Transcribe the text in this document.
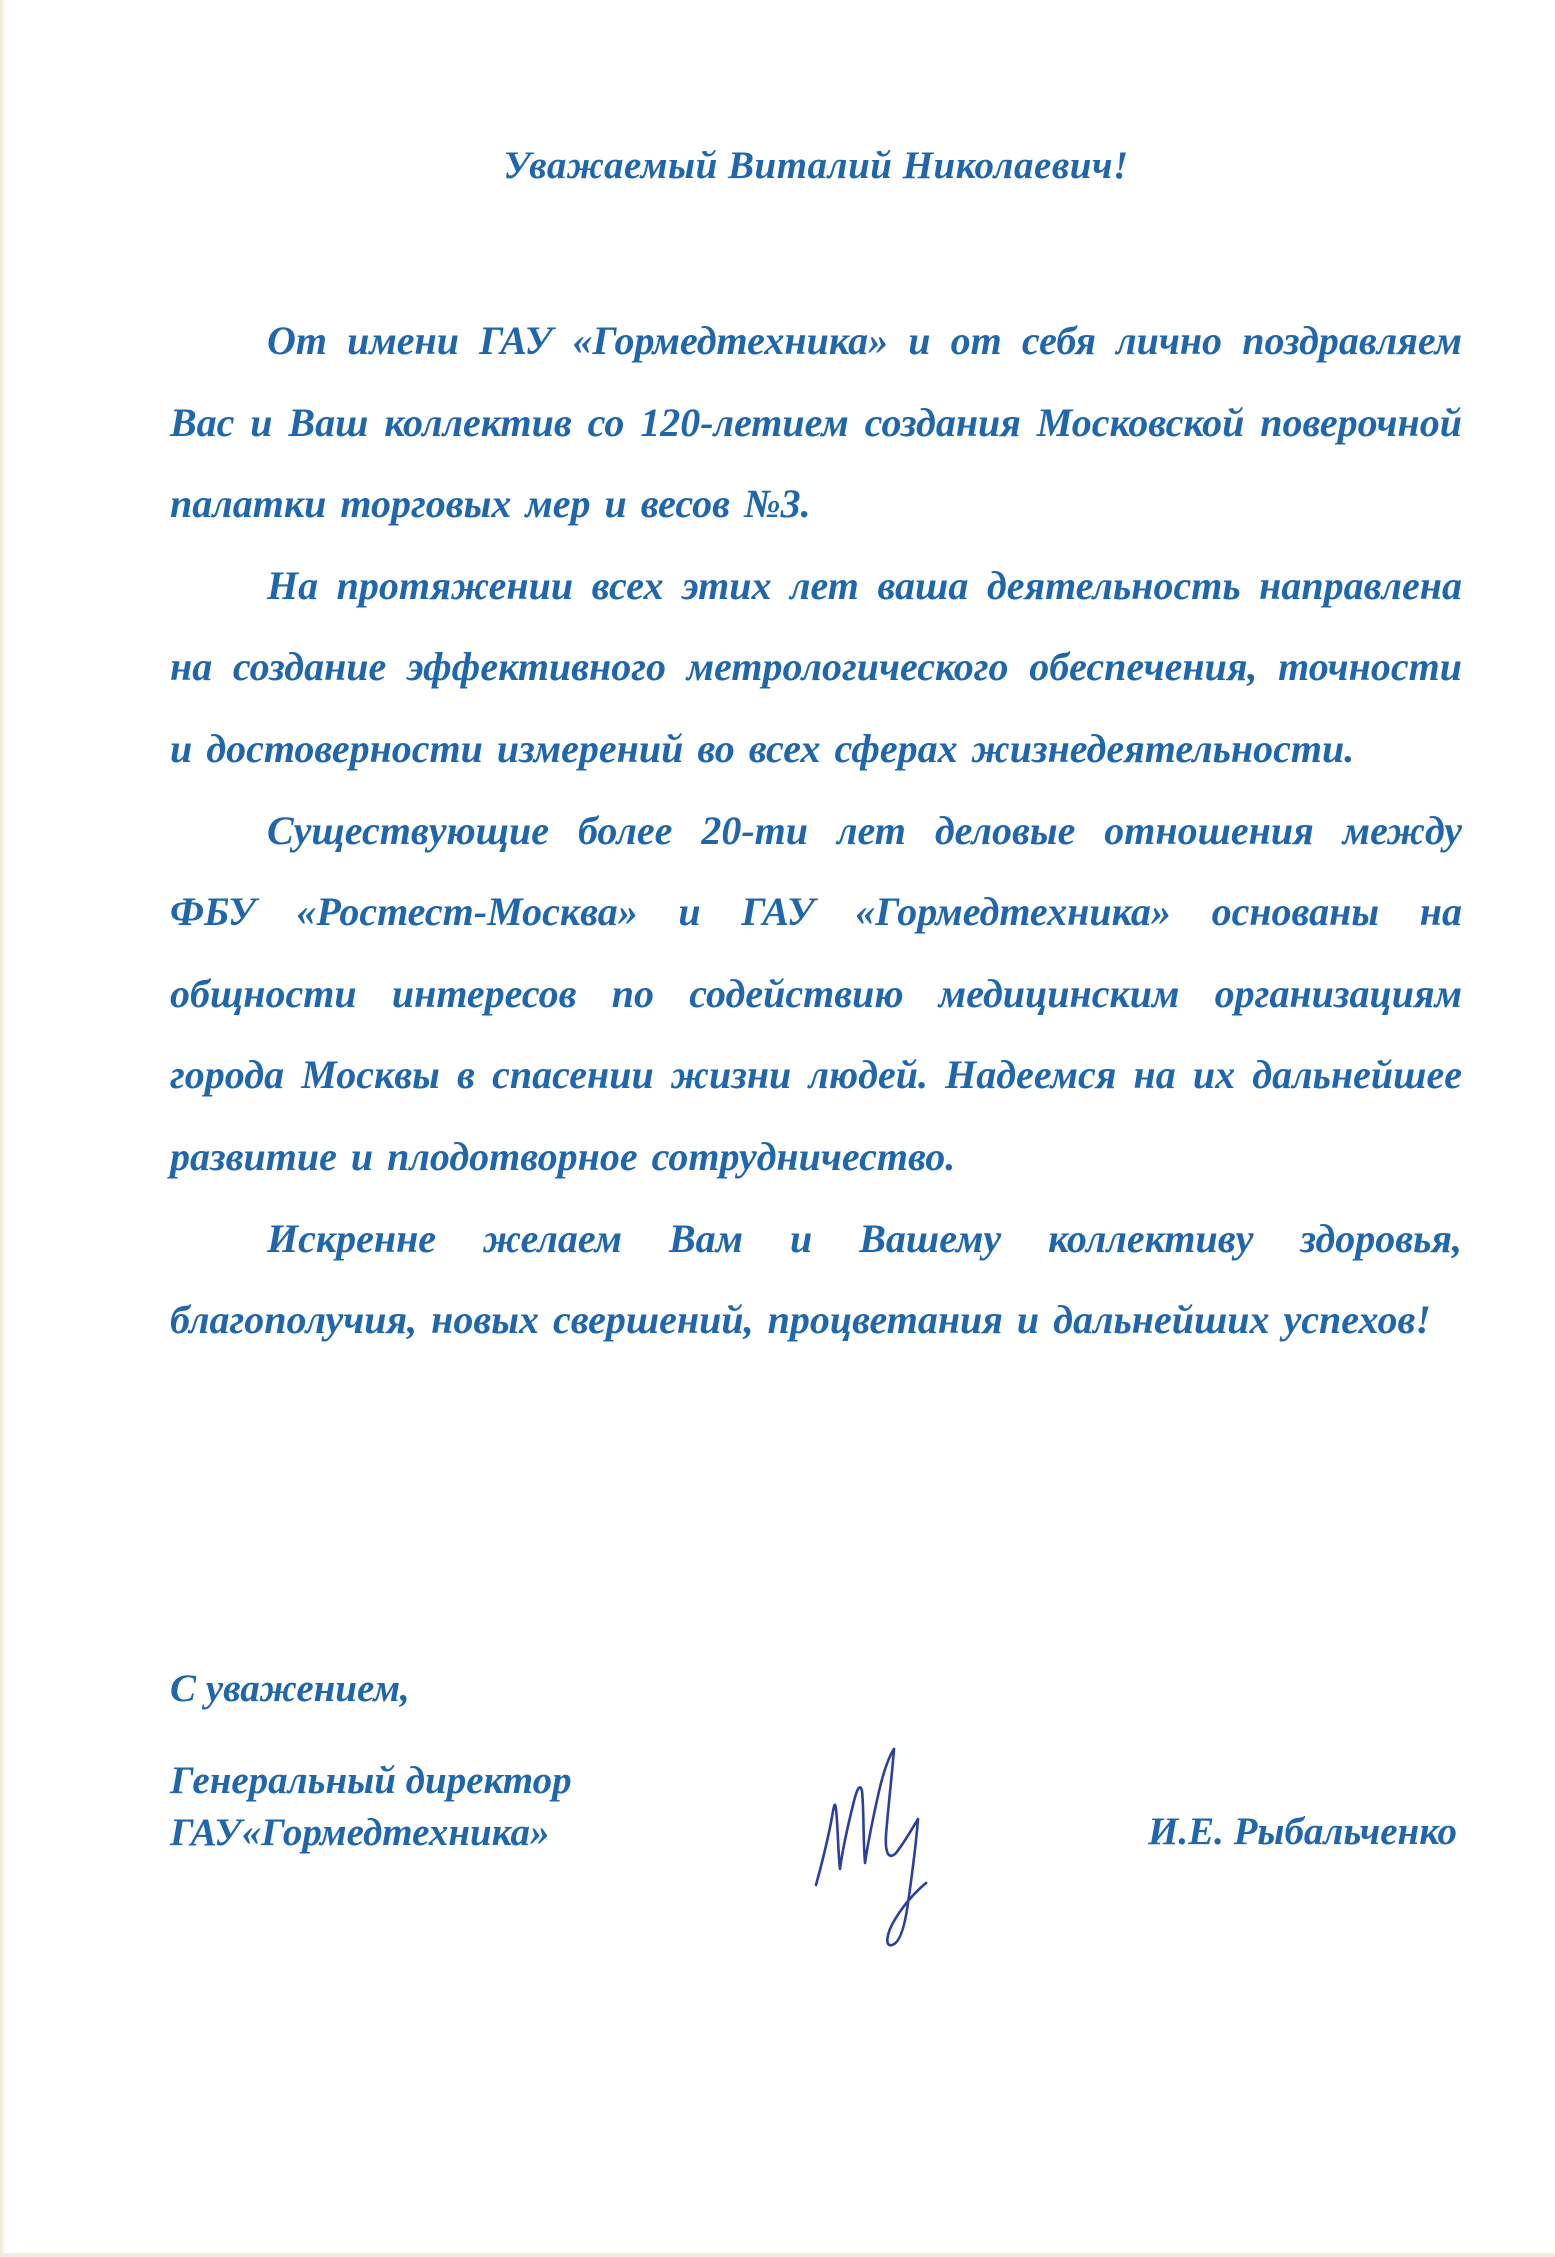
Уважаемый Виталий Николаевич!

От имени ГАУ «Гормедтехника» и от себя лично поздравляем Вас и Ваш коллектив со 120-летием создания Московской поверочной палатки торговых мер и весов №3.

На протяжении всех этих лет ваша деятельность направлена на создание эффективного метрологического обеспечения, точности и достоверности измерений во всех сферах жизнедеятельности.

Существующие более 20-ти лет деловые отношения между ФБУ «Ростест-Москва» и ГАУ «Гормедтехника» основаны на общности интересов по содействию медицинским организациям города Москвы в спасении жизни людей. Надеемся на их дальнейшее развитие и плодотворное сотрудничество.

Искренне желаем Вам и Вашему коллективу здоровья, благополучия, новых свершений, процветания и дальнейших успехов!

С уважением,
Генеральный директор
ГАУ«Гормедтехника»	И.Е. Рыбальченко
